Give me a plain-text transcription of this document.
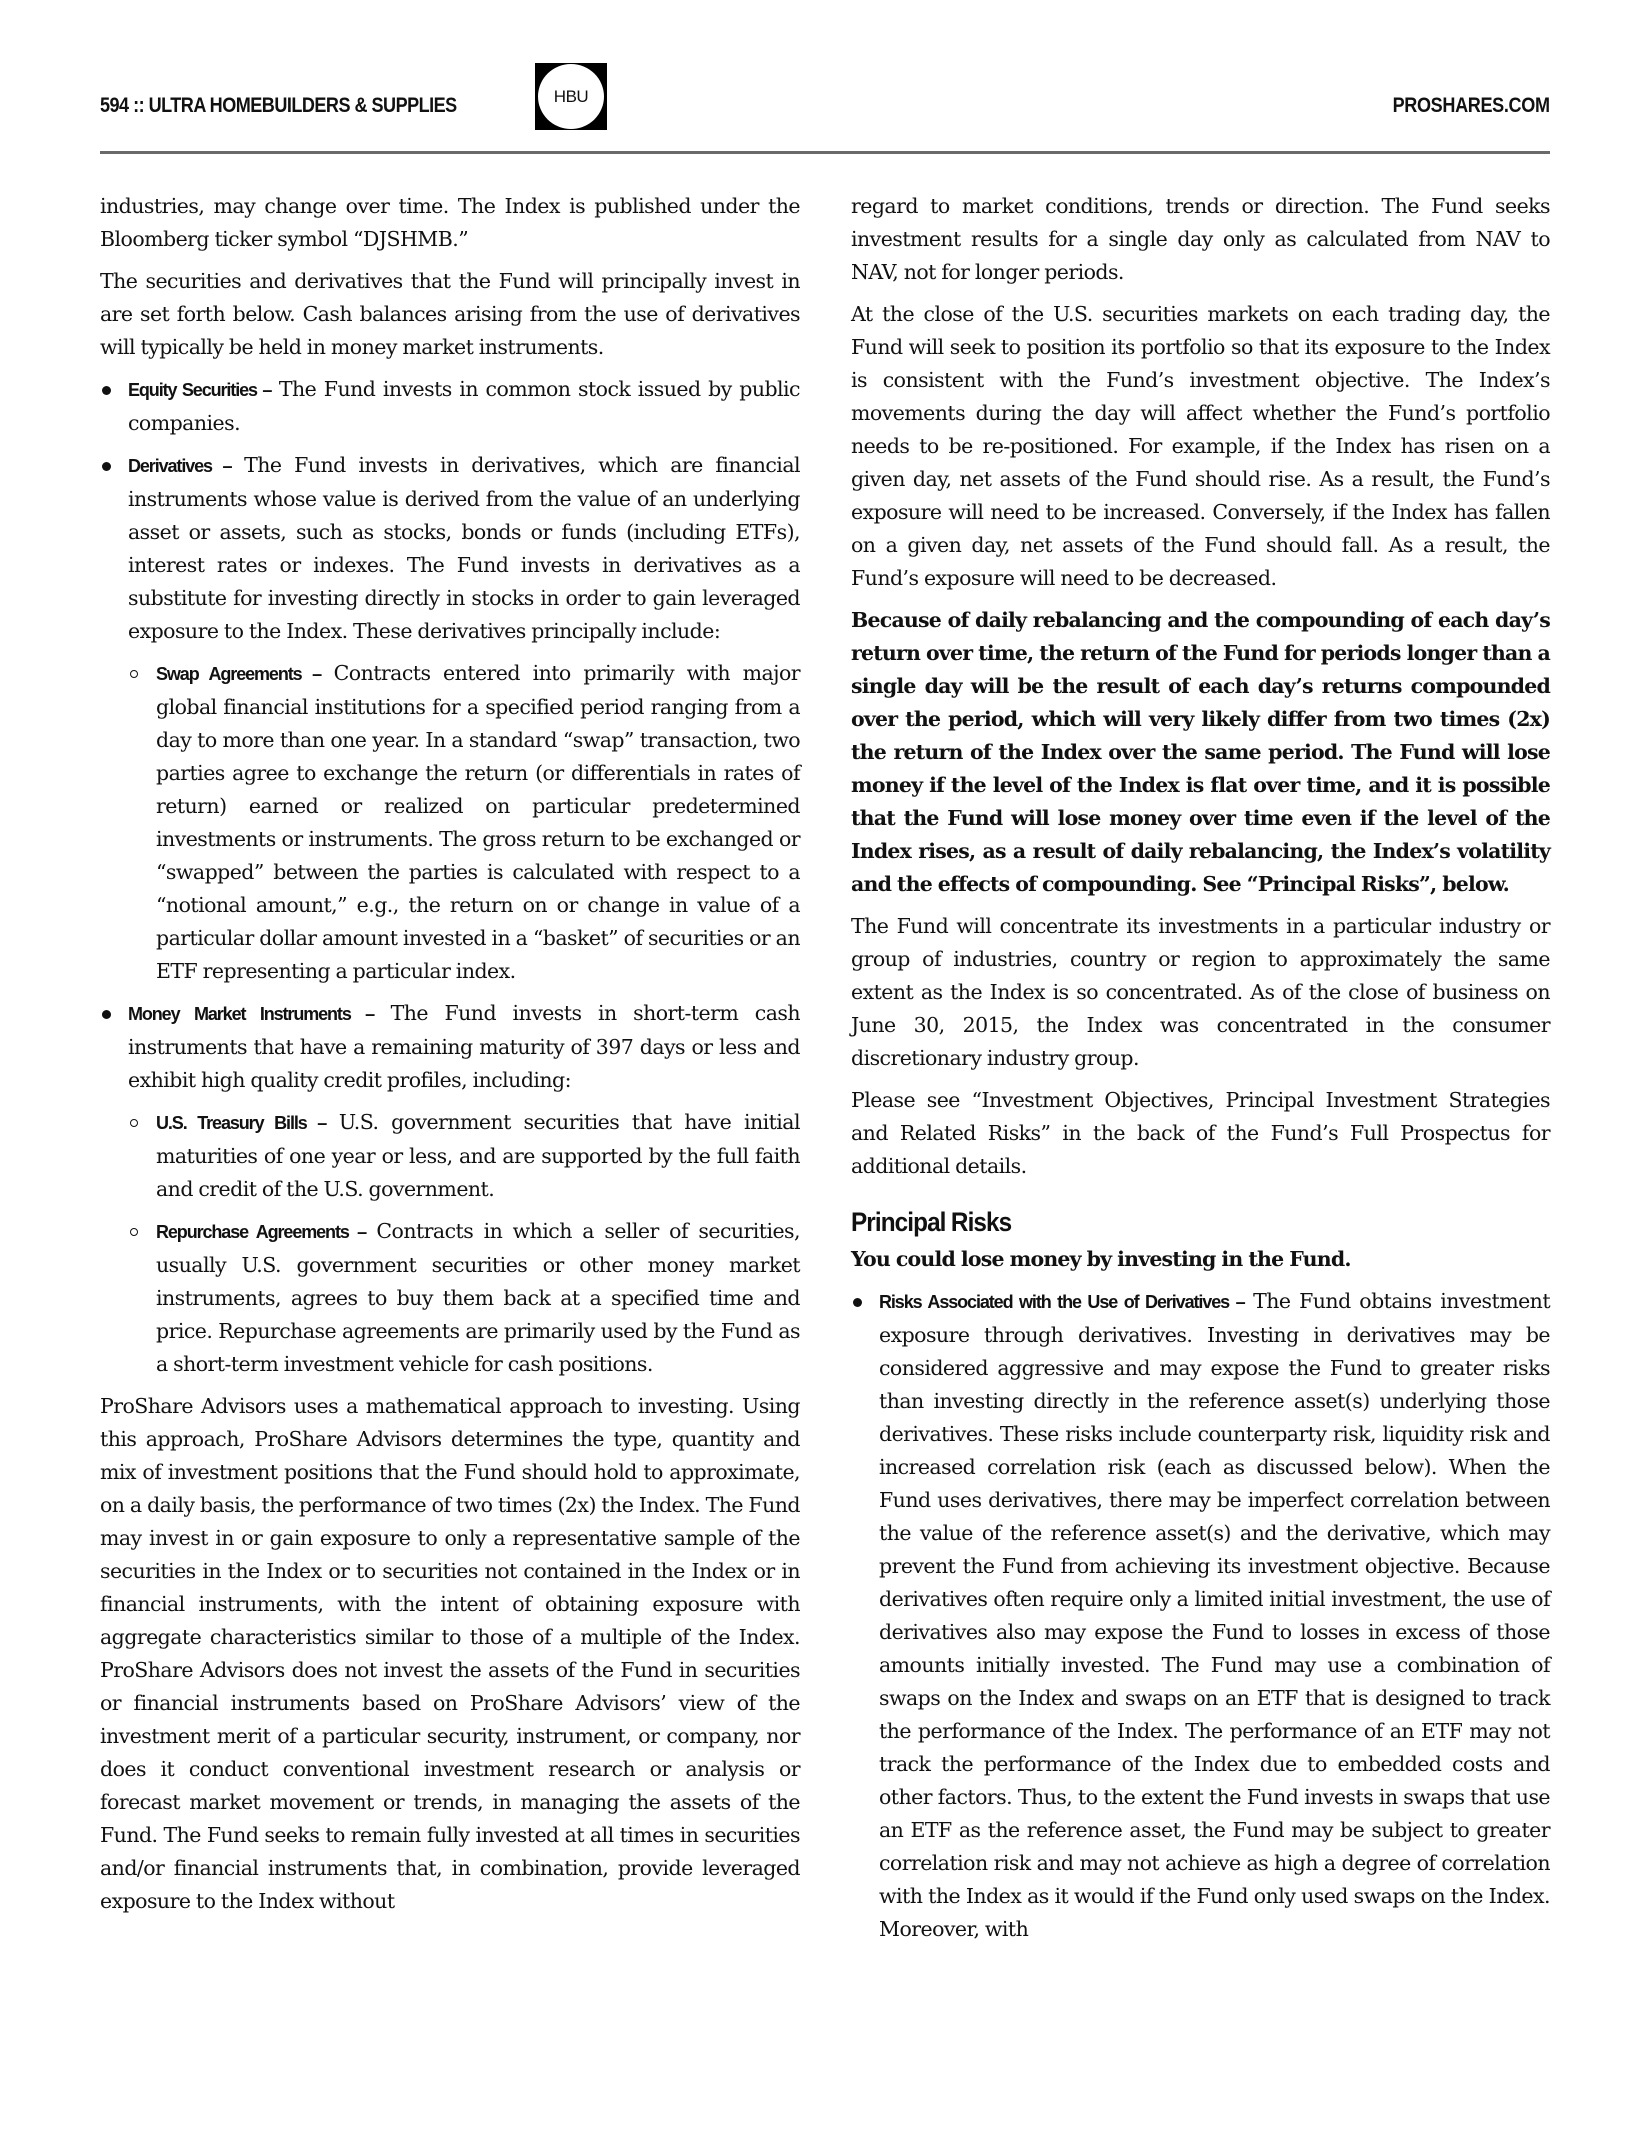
594 :: ULTRA HOMEBUILDERS & SUPPLIES	HBU	PROSHARES.COM

industries, may change over time. The Index is published under the Bloomberg ticker symbol “DJSHMB.”

The securities and derivatives that the Fund will principally invest in are set forth below. Cash balances arising from the use of derivatives will typically be held in money market instruments.

Equity Securities – The Fund invests in common stock issued by public companies.
Derivatives – The Fund invests in derivatives, which are financial instruments whose value is derived from the value of an underlying asset or assets, such as stocks, bonds or funds (including ETFs), interest rates or indexes. The Fund invests in derivatives as a substitute for investing directly in stocks in order to gain leveraged exposure to the Index. These derivatives principally include:
Swap Agreements – Contracts entered into primarily with major global financial institutions for a specified period ranging from a day to more than one year. In a standard “swap” transaction, two parties agree to exchange the return (or differentials in rates of return) earned or realized on particular predetermined investments or instruments. The gross return to be exchanged or “swapped” between the parties is calculated with respect to a “notional amount,” e.g., the return on or change in value of a particular dollar amount invested in a “basket” of securities or an ETF representing a particular index.
Money Market Instruments – The Fund invests in short-term cash instruments that have a remaining maturity of 397 days or less and exhibit high quality credit profiles, including:
U.S. Treasury Bills – U.S. government securities that have initial maturities of one year or less, and are supported by the full faith and credit of the U.S. government.
Repurchase Agreements – Contracts in which a seller of securities, usually U.S. government securities or other money market instruments, agrees to buy them back at a specified time and price. Repurchase agreements are primarily used by the Fund as a short-term investment vehicle for cash positions.

ProShare Advisors uses a mathematical approach to investing. Using this approach, ProShare Advisors determines the type, quantity and mix of investment positions that the Fund should hold to approximate, on a daily basis, the performance of two times (2x) the Index. The Fund may invest in or gain exposure to only a representative sample of the securities in the Index or to securities not contained in the Index or in financial instruments, with the intent of obtaining exposure with aggregate characteristics similar to those of a multiple of the Index. ProShare Advisors does not invest the assets of the Fund in securities or financial instruments based on ProShare Advisors’ view of the investment merit of a particular security, instrument, or company, nor does it conduct conventional investment research or analysis or forecast market movement or trends, in managing the assets of the Fund. The Fund seeks to remain fully invested at all times in securities and/or financial instruments that, in combination, provide leveraged exposure to the Index without

regard to market conditions, trends or direction. The Fund seeks investment results for a single day only as calculated from NAV to NAV, not for longer periods.

At the close of the U.S. securities markets on each trading day, the Fund will seek to position its portfolio so that its exposure to the Index is consistent with the Fund’s investment objective. The Index’s movements during the day will affect whether the Fund’s portfolio needs to be re-positioned. For example, if the Index has risen on a given day, net assets of the Fund should rise. As a result, the Fund’s exposure will need to be increased. Conversely, if the Index has fallen on a given day, net assets of the Fund should fall. As a result, the Fund’s exposure will need to be decreased.

Because of daily rebalancing and the compounding of each day’s return over time, the return of the Fund for periods longer than a single day will be the result of each day’s returns compounded over the period, which will very likely differ from two times (2x) the return of the Index over the same period. The Fund will lose money if the level of the Index is flat over time, and it is possible that the Fund will lose money over time even if the level of the Index rises, as a result of daily rebalancing, the Index’s volatility and the effects of compounding. See “Principal Risks”, below.

The Fund will concentrate its investments in a particular industry or group of industries, country or region to approximately the same extent as the Index is so concentrated. As of the close of business on June 30, 2015, the Index was concentrated in the consumer discretionary industry group.

Please see “Investment Objectives, Principal Investment Strategies and Related Risks” in the back of the Fund’s Full Prospectus for additional details.

Principal Risks

You could lose money by investing in the Fund.

Risks Associated with the Use of Derivatives – The Fund obtains investment exposure through derivatives. Investing in derivatives may be considered aggressive and may expose the Fund to greater risks than investing directly in the reference asset(s) underlying those derivatives. These risks include counterparty risk, liquidity risk and increased correlation risk (each as discussed below). When the Fund uses derivatives, there may be imperfect correlation between the value of the reference asset(s) and the derivative, which may prevent the Fund from achieving its investment objective. Because derivatives often require only a limited initial investment, the use of derivatives also may expose the Fund to losses in excess of those amounts initially invested. The Fund may use a combination of swaps on the Index and swaps on an ETF that is designed to track the performance of the Index. The performance of an ETF may not track the performance of the Index due to embedded costs and other factors. Thus, to the extent the Fund invests in swaps that use an ETF as the reference asset, the Fund may be subject to greater correlation risk and may not achieve as high a degree of correlation with the Index as it would if the Fund only used swaps on the Index. Moreover, with
